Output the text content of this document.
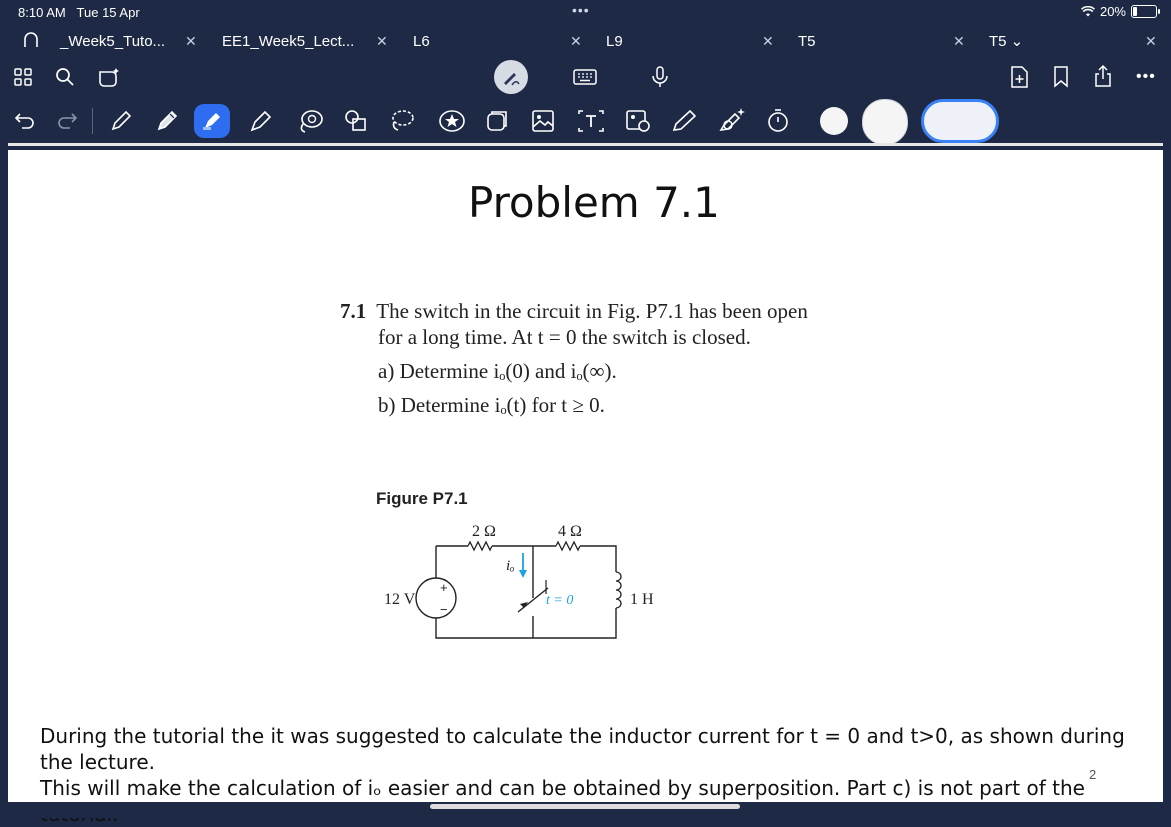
8:10 AM Tue 15 Apr	•••	20%
_Week5_Tuto... ✕ EE1_Week5_Lect... ✕ L6	✕ L9	✕ T5	✕ T5 ⌄	✕
•••
Problem 7.1
7.1 The switch in the circuit in Fig. P7.1 has been open
for a long time. At t = 0 the switch is closed.
a) Determine iₒ(0) and iₒ(∞).
b) Determine iₒ(t) for t ≥ 0.
Figure P7.1
2 Ω	4 Ω
12 V
+
−
iₒ
t = 0	1 H
During the tutorial the it was suggested to calculate the inductor current for t = 0 and t>0, as shown during the lecture.
This will make the calculation of iₒ easier and can be obtained by superposition. Part c) is not part of the
2
